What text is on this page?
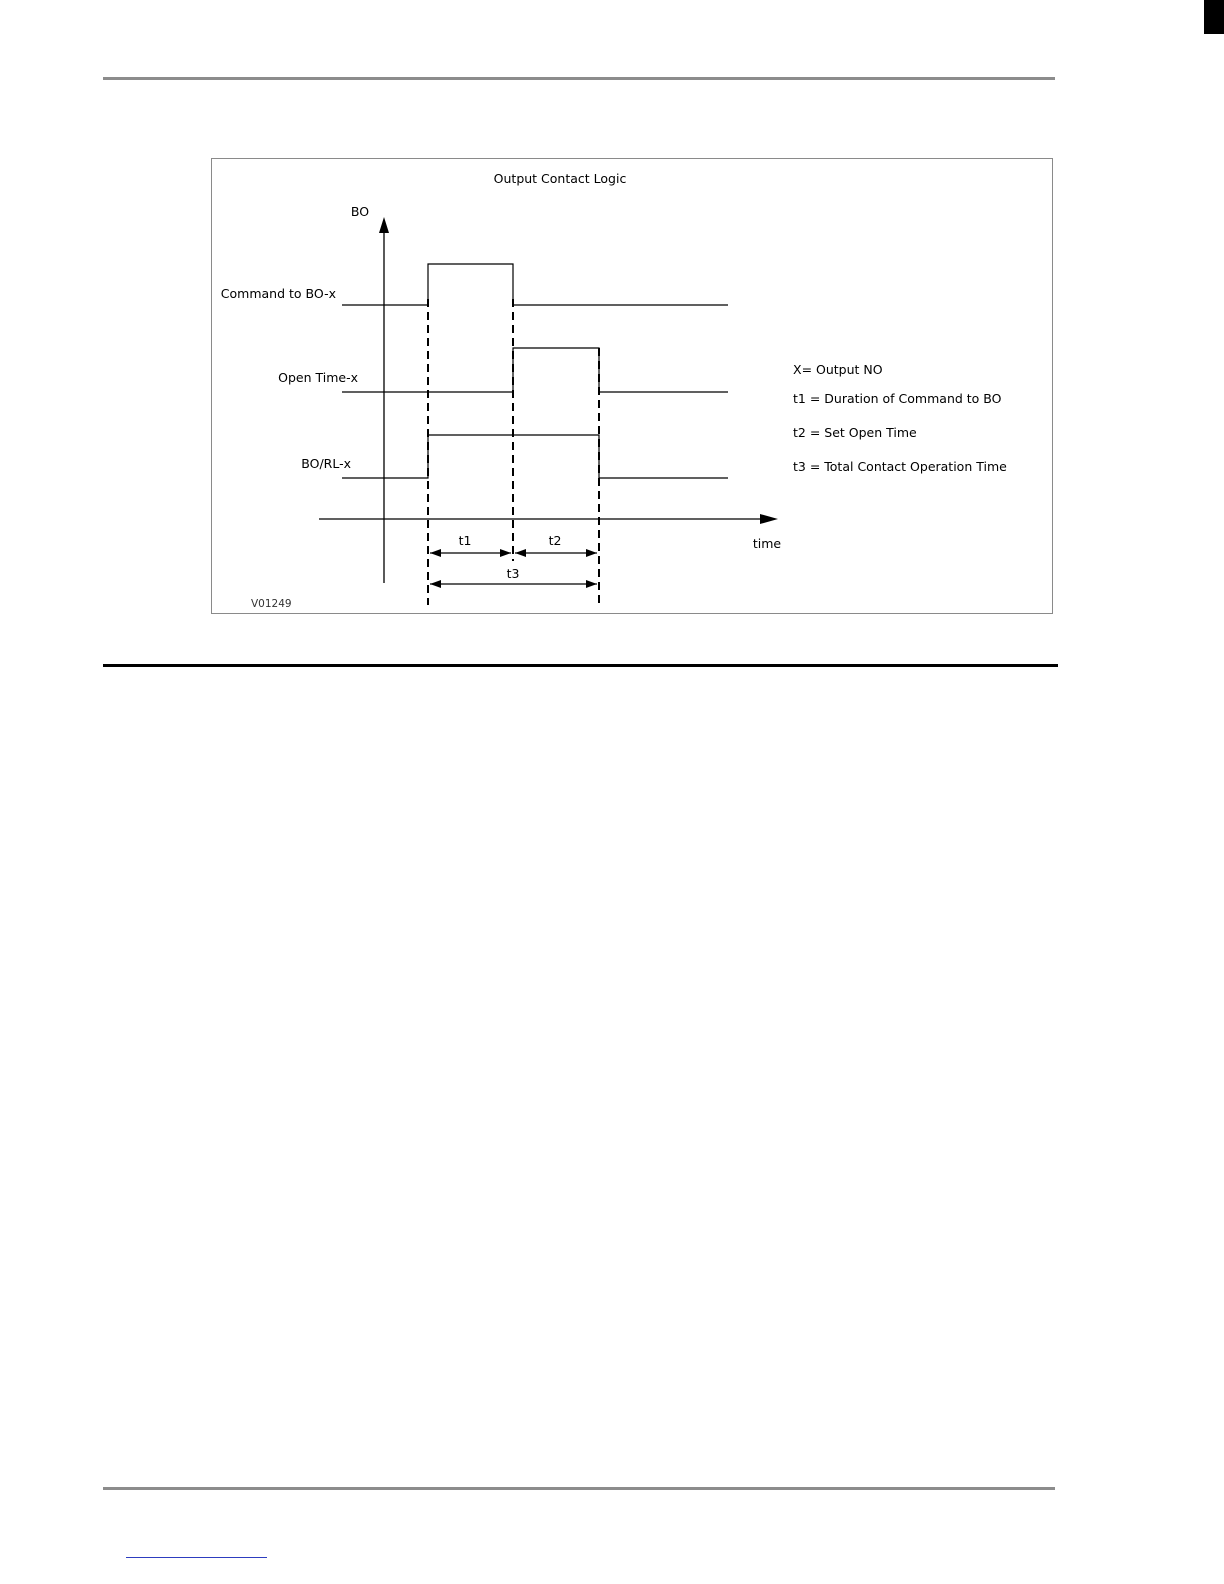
Output Contact Logic
BO
time
Command to BO-x
Open Time-x
BO/RL-x
t1	t2
t3
X= Output NO
t1 = Duration of Command to BO
t2 = Set Open Time
t3 = Total Contact Operation Time
V01249
